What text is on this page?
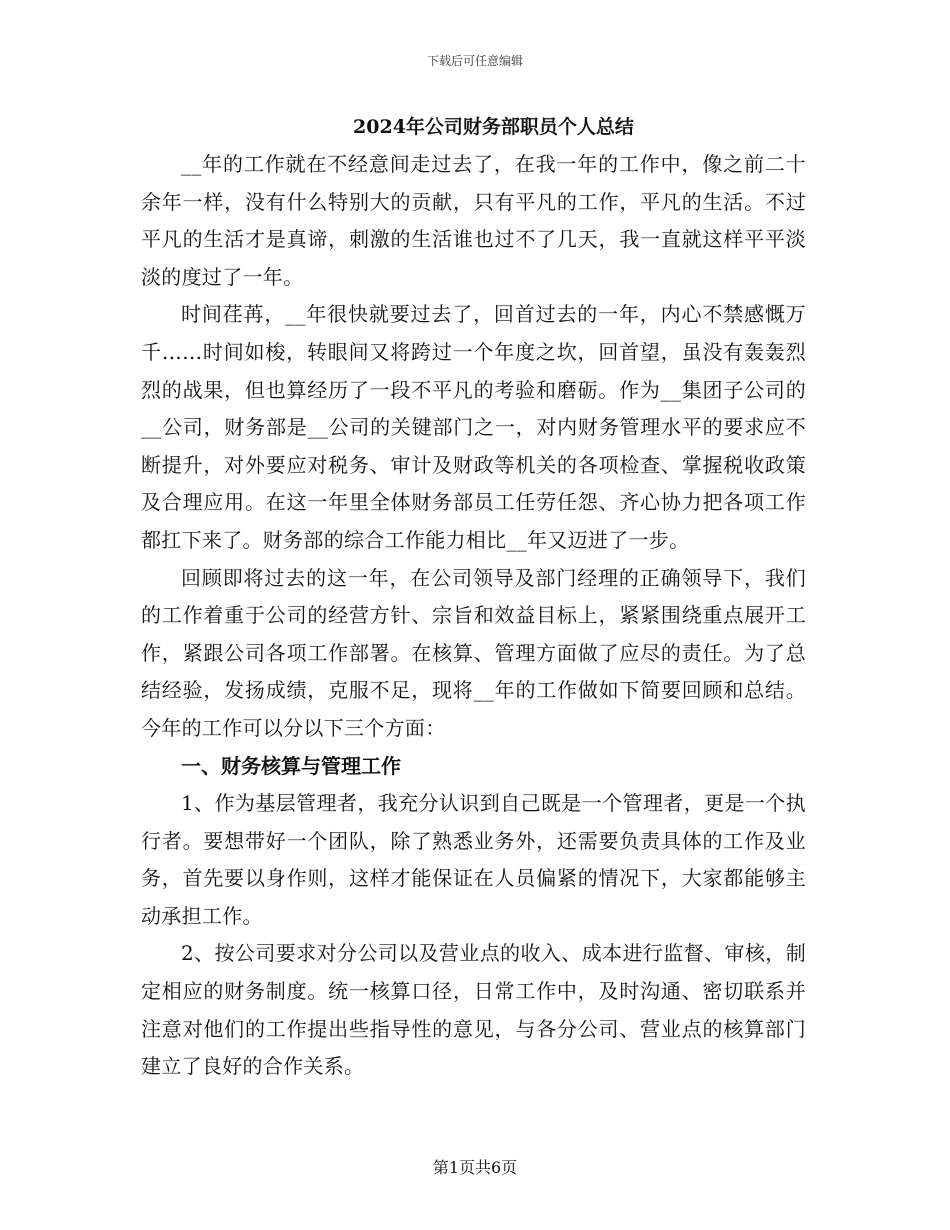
下载后可任意编辑
2024年公司财务部职员个人总结

__年的工作就在不经意间走过去了，在我一年的工作中，像之前二十余年一样，没有什么特别大的贡献，只有平凡的工作，平凡的生活。不过平凡的生活才是真谛，刺激的生活谁也过不了几天，我一直就这样平平淡淡的度过了一年。

时间荏苒，__年很快就要过去了，回首过去的一年，内心不禁感慨万千……时间如梭，转眼间又将跨过一个年度之坎，回首望，虽没有轰轰烈烈的战果，但也算经历了一段不平凡的考验和磨砺。作为__集团子公司的__公司，财务部是__公司的关键部门之一，对内财务管理水平的要求应不断提升，对外要应对税务、审计及财政等机关的各项检查、掌握税收政策及合理应用。在这一年里全体财务部员工任劳任怨、齐心协力把各项工作都扛下来了。财务部的综合工作能力相比__年又迈进了一步。

回顾即将过去的这一年，在公司领导及部门经理的正确领导下，我们的工作着重于公司的经营方针、宗旨和效益目标上，紧紧围绕重点展开工作，紧跟公司各项工作部署。在核算、管理方面做了应尽的责任。为了总结经验，发扬成绩，克服不足，现将__年的工作做如下简要回顾和总结。今年的工作可以分以下三个方面：

一、财务核算与管理工作

1、作为基层管理者，我充分认识到自己既是一个管理者，更是一个执行者。要想带好一个团队，除了熟悉业务外，还需要负责具体的工作及业务，首先要以身作则，这样才能保证在人员偏紧的情况下，大家都能够主动承担工作。

2、按公司要求对分公司以及营业点的收入、成本进行监督、审核，制定相应的财务制度。统一核算口径，日常工作中，及时沟通、密切联系并注意对他们的工作提出些指导性的意见，与各分公司、营业点的核算部门建立了良好的合作关系。

第1页共6页
